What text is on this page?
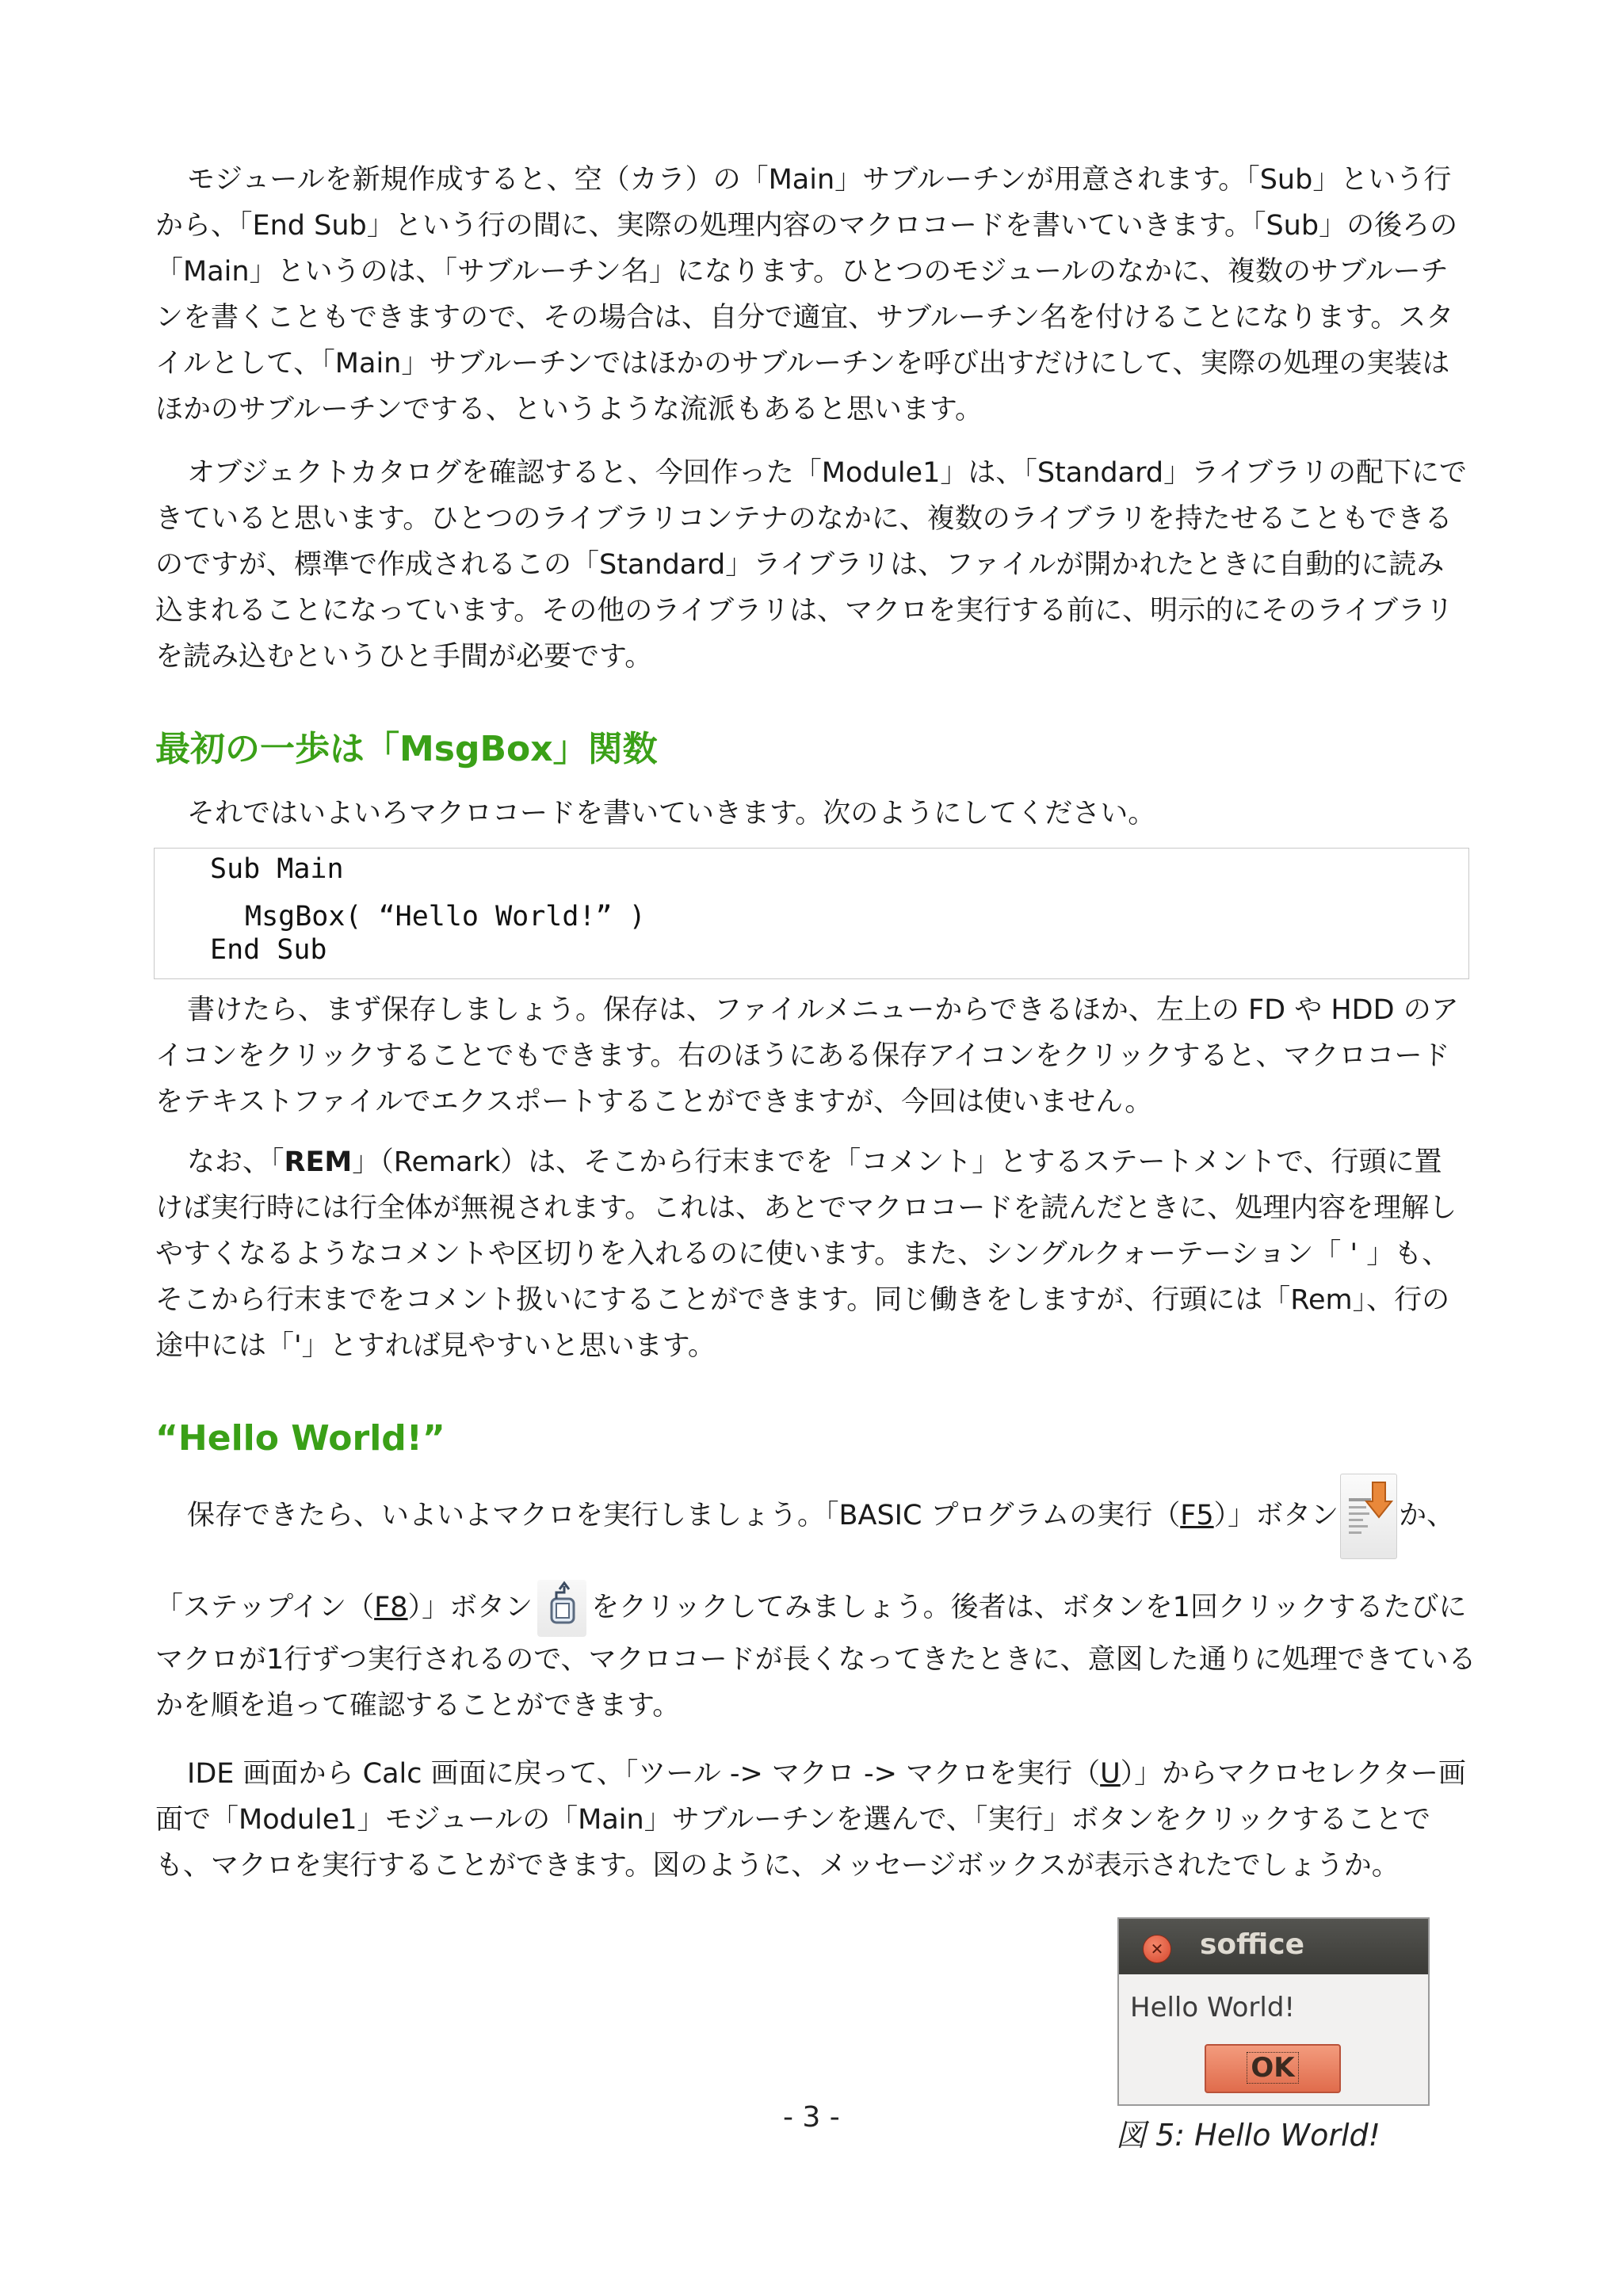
モジュールを新規作成すると、空（カラ）の「Main」サブルーチンが用意されます。「Sub」という行から、「End Sub」という行の間に、実際の処理内容のマクロコードを書いていきます。「Sub」の後ろの「Main」というのは、「サブルーチン名」になります。ひとつのモジュールのなかに、複数のサブルーチンを書くこともできますので、その場合は、自分で適宜、サブルーチン名を付けることになります。スタイルとして、「Main」サブルーチンではほかのサブルーチンを呼び出すだけにして、実際の処理の実装はほかのサブルーチンでする、というような流派もあると思います。

オブジェクトカタログを確認すると、今回作った「Module1」は、「Standard」ライブラリの配下にできていると思います。ひとつのライブラリコンテナのなかに、複数のライブラリを持たせることもできるのですが、標準で作成されるこの「Standard」ライブラリは、ファイルが開かれたときに自動的に読み込まれることになっています。その他のライブラリは、マクロを実行する前に、明示的にそのライブラリを読み込むというひと手間が必要です。

最初の一歩は「MsgBox」関数

それではいよいろマクロコードを書いていきます。次のようにしてください。

Sub Main
MsgBox( “Hello World!” )
End Sub

書けたら、まず保存しましょう。保存は、ファイルメニューからできるほか、左上の FD や HDD のアイコンをクリックすることでもできます。右のほうにある保存アイコンをクリックすると、マクロコードをテキストファイルでエクスポートすることができますが、今回は使いません。

なお、「REM」（Remark）は、そこから行末までを「コメント」とするステートメントで、行頭に置けば実行時には行全体が無視されます。これは、あとでマクロコードを読んだときに、処理内容を理解しやすくなるようなコメントや区切りを入れるのに使います。また、シングルクォーテーション「 ' 」も、そこから行末までをコメント扱いにすることができます。同じ働きをしますが、行頭には「Rem」、行の途中には「'」とすれば見やすいと思います。

“Hello World!”
保存できたら、いよいよマクロを実行しましょう。「BASIC プログラムの実行（F5）」ボタン か、
「ステップイン（F8）」ボタン をクリックしてみましょう。後者は、ボタンを1回クリックするたびにマクロが1行ずつ実行されるので、マクロコードが長くなってきたときに、意図した通りに処理できているかを順を追って確認することができます。

IDE 画面から Calc 画面に戻って、「ツール -> マクロ -> マクロを実行（U）」からマクロセレクター画面で「Module1」モジュールの「Main」サブルーチンを選んで、「実行」ボタンをクリックすることでも、マクロを実行することができます。図のように、メッセージボックスが表示されたでしょうか。

✕ soffice
Hello World!
OK
- 3 -
図 5: Hello World!
